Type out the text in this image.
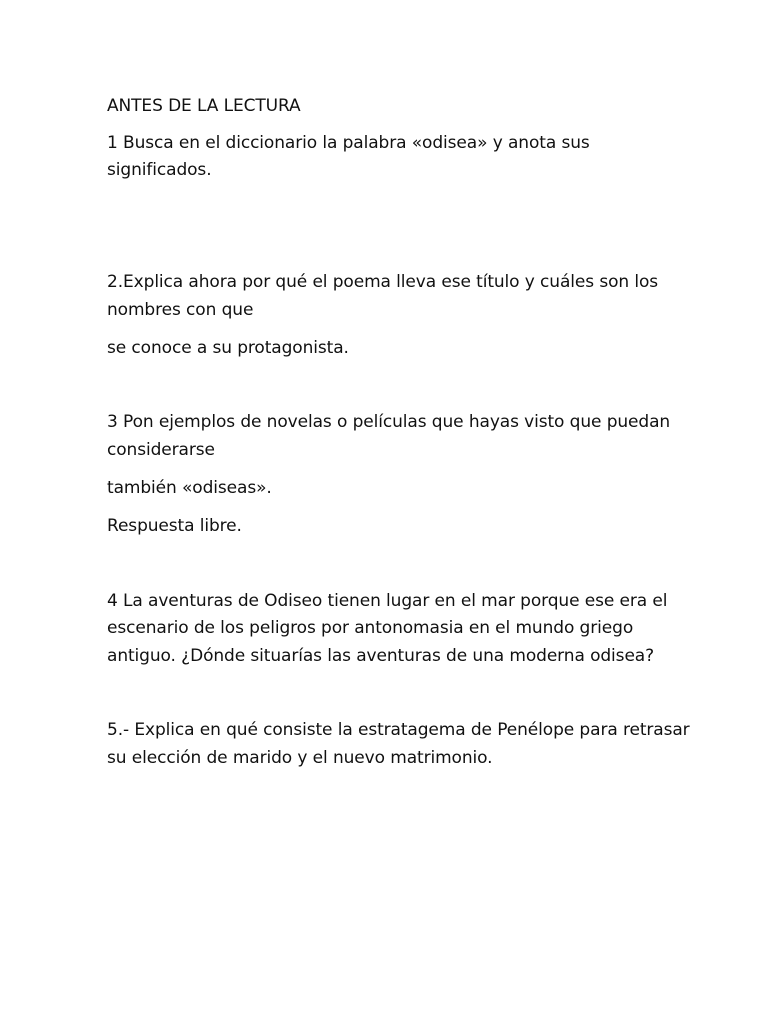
ANTES DE LA LECTURA
1 Busca en el diccionario la palabra «odisea» y anota sus
significados.
2.Explica ahora por qué el poema lleva ese título y cuáles son los
nombres con que
se conoce a su protagonista.
3 Pon ejemplos de novelas o películas que hayas visto que puedan
considerarse
también «odiseas».
Respuesta libre.
4 La aventuras de Odiseo tienen lugar en el mar porque ese era el
escenario de los peligros por antonomasia en el mundo griego
antiguo. ¿Dónde situarías las aventuras de una moderna odisea?
5.- Explica en qué consiste la estratagema de Penélope para retrasar
su elección de marido y el nuevo matrimonio.
